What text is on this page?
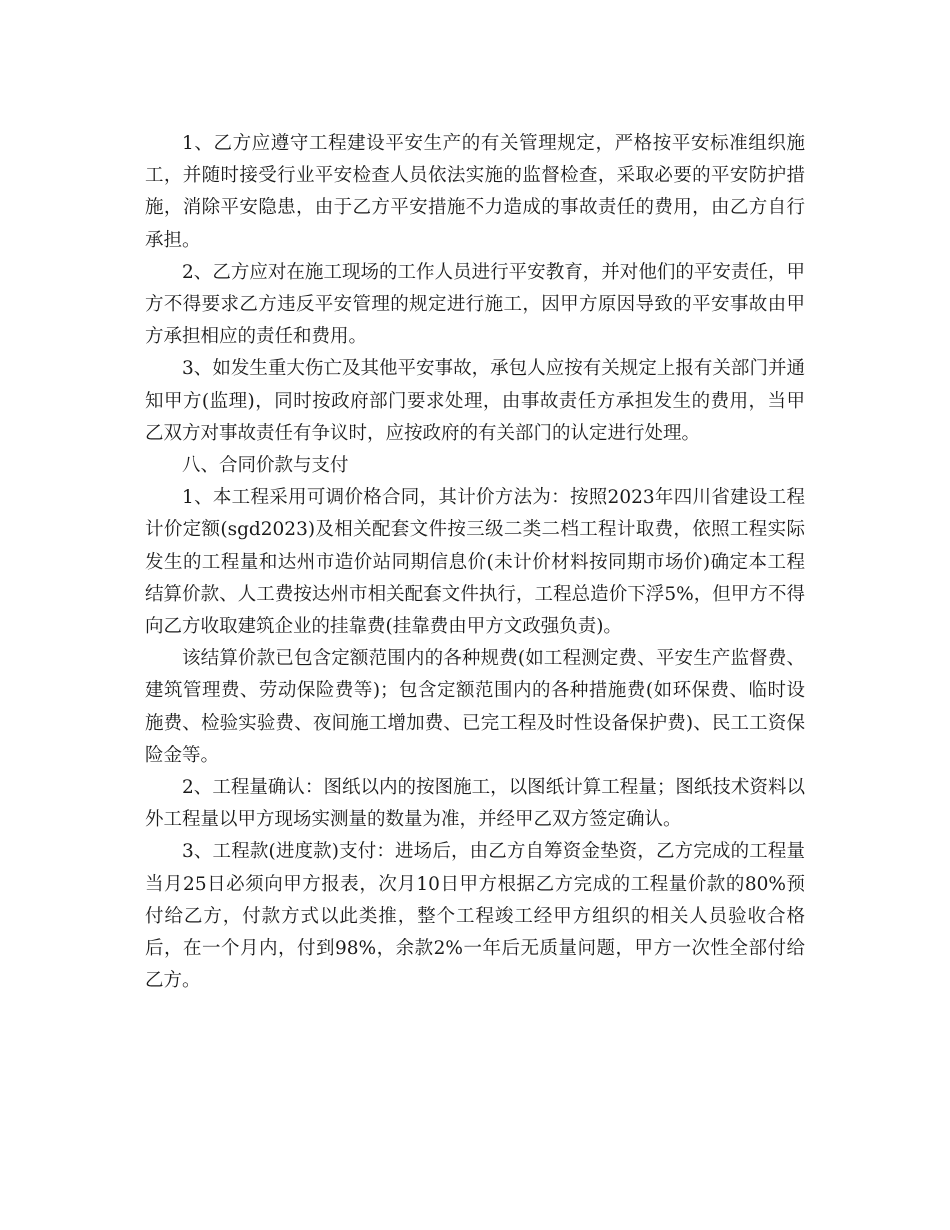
1、乙方应遵守工程建设平安生产的有关管理规定，严格按平安标准组织施工，并随时接受行业平安检查人员依法实施的监督检查，采取必要的平安防护措施，消除平安隐患，由于乙方平安措施不力造成的事故责任的费用，由乙方自行承担。

2、乙方应对在施工现场的工作人员进行平安教育，并对他们的平安责任，甲方不得要求乙方违反平安管理的规定进行施工，因甲方原因导致的平安事故由甲方承担相应的责任和费用。

3、如发生重大伤亡及其他平安事故，承包人应按有关规定上报有关部门并通知甲方(监理)，同时按政府部门要求处理，由事故责任方承担发生的费用，当甲乙双方对事故责任有争议时，应按政府的有关部门的认定进行处理。

八、合同价款与支付

1、本工程采用可调价格合同，其计价方法为：按照2023年四川省建设工程计价定额(sgd2023)及相关配套文件按三级二类二档工程计取费，依照工程实际发生的工程量和达州市造价站同期信息价(未计价材料按同期市场价)确定本工程结算价款、人工费按达州市相关配套文件执行，工程总造价下浮5%，但甲方不得向乙方收取建筑企业的挂靠费(挂靠费由甲方文政强负责)。

该结算价款已包含定额范围内的各种规费(如工程测定费、平安生产监督费、建筑管理费、劳动保险费等)；包含定额范围内的各种措施费(如环保费、临时设施费、检验实验费、夜间施工增加费、已完工程及时性设备保护费)、民工工资保险金等。

2、工程量确认：图纸以内的按图施工，以图纸计算工程量；图纸技术资料以外工程量以甲方现场实测量的数量为准，并经甲乙双方签定确认。

3、工程款(进度款)支付：进场后，由乙方自筹资金垫资，乙方完成的工程量当月25日必须向甲方报表，次月10日甲方根据乙方完成的工程量价款的80%预付给乙方，付款方式以此类推，整个工程竣工经甲方组织的相关人员验收合格后，在一个月内，付到98%，余款2%一年后无质量问题，甲方一次性全部付给乙方。
